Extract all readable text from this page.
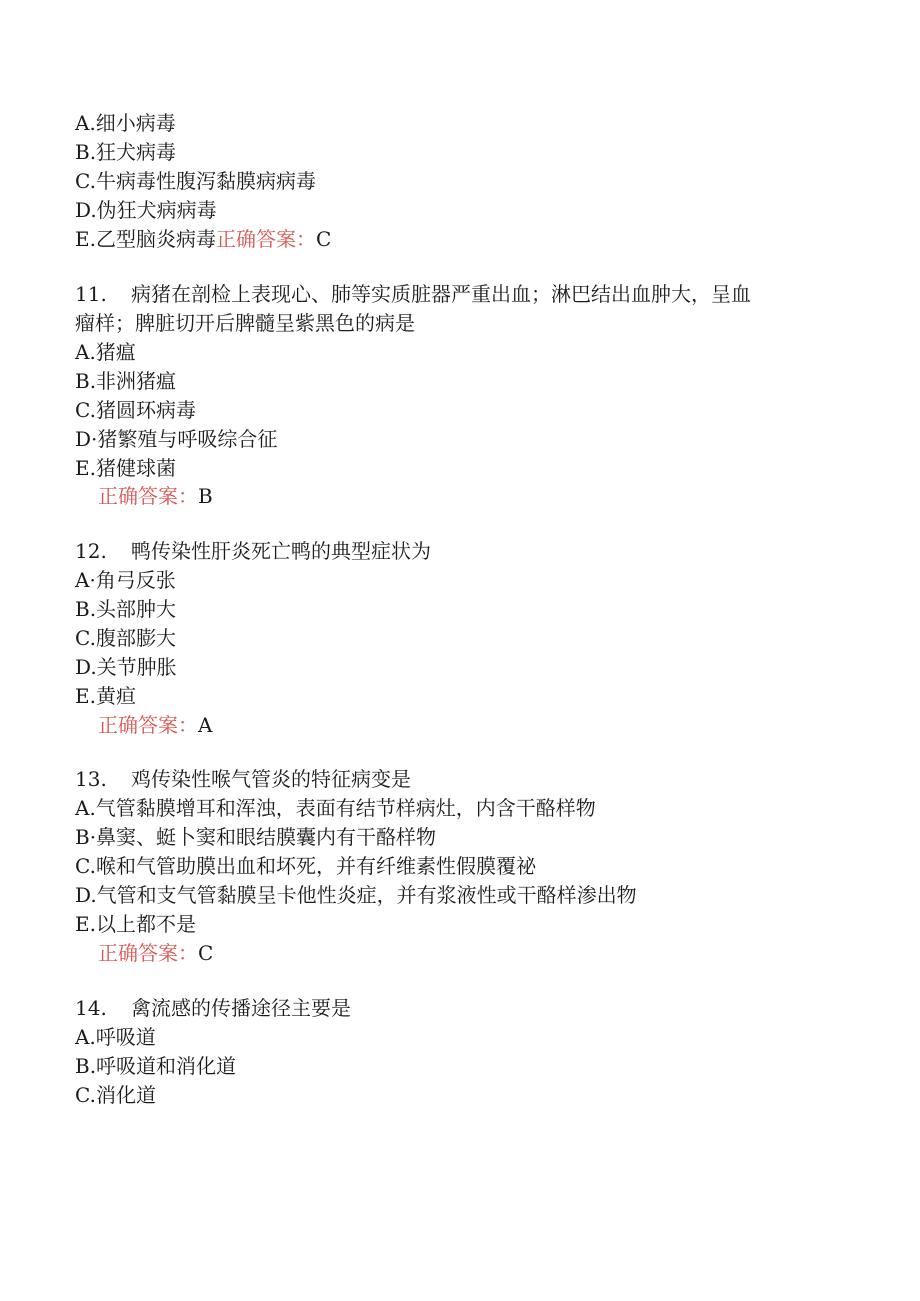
A.细小病毒
B.狂犬病毒
C.牛病毒性腹泻黏膜病病毒
D.伪狂犬病病毒
E.乙型脑炎病毒正确答案：C
11. 病猪在剖检上表现心、肺等实质脏器严重出血；淋巴结出血肿大，呈血
瘤样；脾脏切开后脾髓呈紫黑色的病是
A.猪瘟
B.非洲猪瘟
C.猪圆环病毒
D·猪繁殖与呼吸综合征
E.猪健球菌
正确答案：B
12. 鸭传染性肝炎死亡鸭的典型症状为
A·角弓反张
B.头部肿大
C.腹部膨大
D.关节肿胀
E.黄疸
正确答案：A
13. 鸡传染性喉气管炎的特征病变是
A.气管黏膜增耳和浑浊，表面有结节样病灶，内含干酪样物
B·鼻窦、蜓卜窦和眼结膜囊内有干酪样物
C.喉和气管助膜出血和坏死，并有纤维素性假膜覆祕
D.气管和支气管黏膜呈卡他性炎症，并有浆液性或干酪样渗出物
E.以上都不是
正确答案：C
14. 禽流感的传播途径主要是
A.呼吸道
B.呼吸道和消化道
C.消化道
